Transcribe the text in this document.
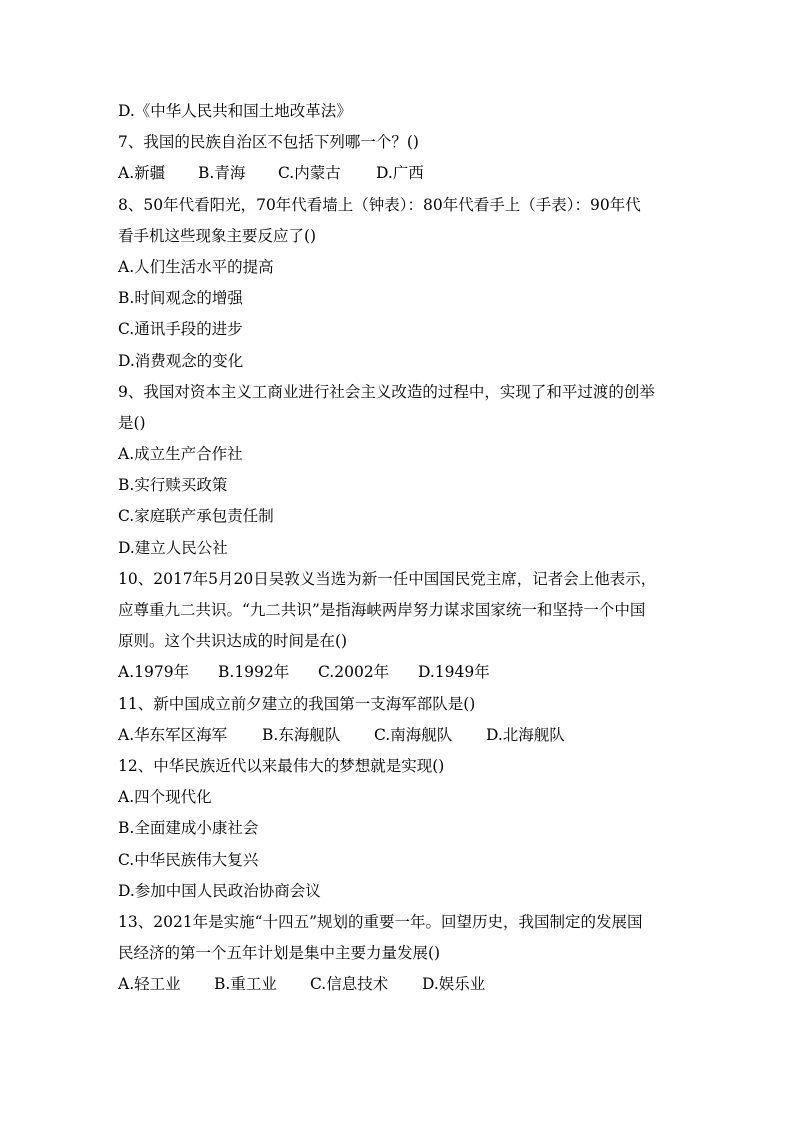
D.《中华人民共和国土地改革法》
7、我国的民族自治区不包括下列哪一个？()
A.新疆	B.青海	C.内蒙古	D.广西
8、50年代看阳光，70年代看墙上（钟表）：80年代看手上（手表）：90年代
看手机这些现象主要反应了()
A.人们生活水平的提高
B.时间观念的增强
C.通讯手段的进步
D.消费观念的变化
9、我国对资本主义工商业进行社会主义改造的过程中，实现了和平过渡的创举
是()
A.成立生产合作社
B.实行赎买政策
C.家庭联产承包责任制
D.建立人民公社
10、2017年5月20日吴敦义当选为新一任中国国民党主席，记者会上他表示，
应尊重九二共识。“九二共识”是指海峡两岸努力谋求国家统一和坚持一个中国
原则。这个共识达成的时间是在()
A.1979年	B.1992年	C.2002年	D.1949年
11、新中国成立前夕建立的我国第一支海军部队是()
A.华东军区海军	B.东海舰队	C.南海舰队	D.北海舰队
12、中华民族近代以来最伟大的梦想就是实现()
A.四个现代化
B.全面建成小康社会
C.中华民族伟大复兴
D.参加中国人民政治协商会议
13、2021年是实施“十四五”规划的重要一年。回望历史，我国制定的发展国
民经济的第一个五年计划是集中主要力量发展()
A.轻工业	B.重工业	C.信息技术	D.娱乐业
